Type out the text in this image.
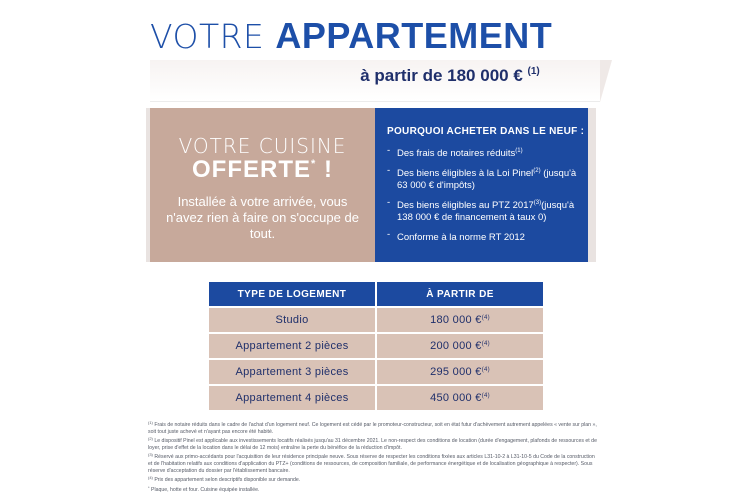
VOTRE APPARTEMENT
à partir de 180 000 € $^{(1)}$
VOTRE CUISINE
OFFERTE* !
Installée à votre arrivée, vous n'avez rien à faire on s'occupe de tout.
POURQUOI ACHETER DANS LE NEUF :
- Des frais de notaires réduits$^{(1)}$
- Des biens éligibles à la Loi Pinel$^{(2)}$ (jusqu'à 63 000 € d'impôts)
- Des biens éligibles au PTZ 2017$^{(3)}$(jusqu'à 138 000 € de financement à taux 0)
- Conforme à la norme RT 2012
TYPE DE LOGEMENT	À PARTIR DE
Studio	180 000 €$^{(4)}$
Appartement 2 pièces	200 000 €$^{(4)}$
Appartement 3 pièces	295 000 €$^{(4)}$
Appartement 4 pièces	450 000 €$^{(4)}$

$^{(1)}$ Frais de notaire réduits dans le cadre de l'achat d'un logement neuf. Ce logement est cédé par le promoteur-constructeur, soit en état futur d'achèvement autrement appelées « vente sur plan », soit tout juste achevé et n'ayant pas encore été habité.

$^{(2)}$ Le dispositif Pinel est applicable aux investissements locatifs réalisés jusqu'au 31 décembre 2021. Le non-respect des conditions de location (durée d'engagement, plafonds de ressources et de loyer, prise d'effet de la location dans le délai de 12 mois) entraîne la perte du bénéfice de la réduction d'impôt.

$^{(3)}$ Réservé aux primo-accédants pour l'acquisition de leur résidence principale neuve. Sous réserve de respecter les conditions fixées aux articles L31-10-2 à L31-10-5 du Code de la construction et de l'habitation relatifs aux conditions d'application du PTZ+ (conditions de ressources, de composition familiale, de performance énergétique et de localisation géographique à respecter). Sous réserve d'acceptation du dossier par l'établissement bancaire.

$^{(4)}$ Prix des appartement selon descriptifs disponible sur demande.

* Plaque, hotte et four. Cuisine équipée installée.
